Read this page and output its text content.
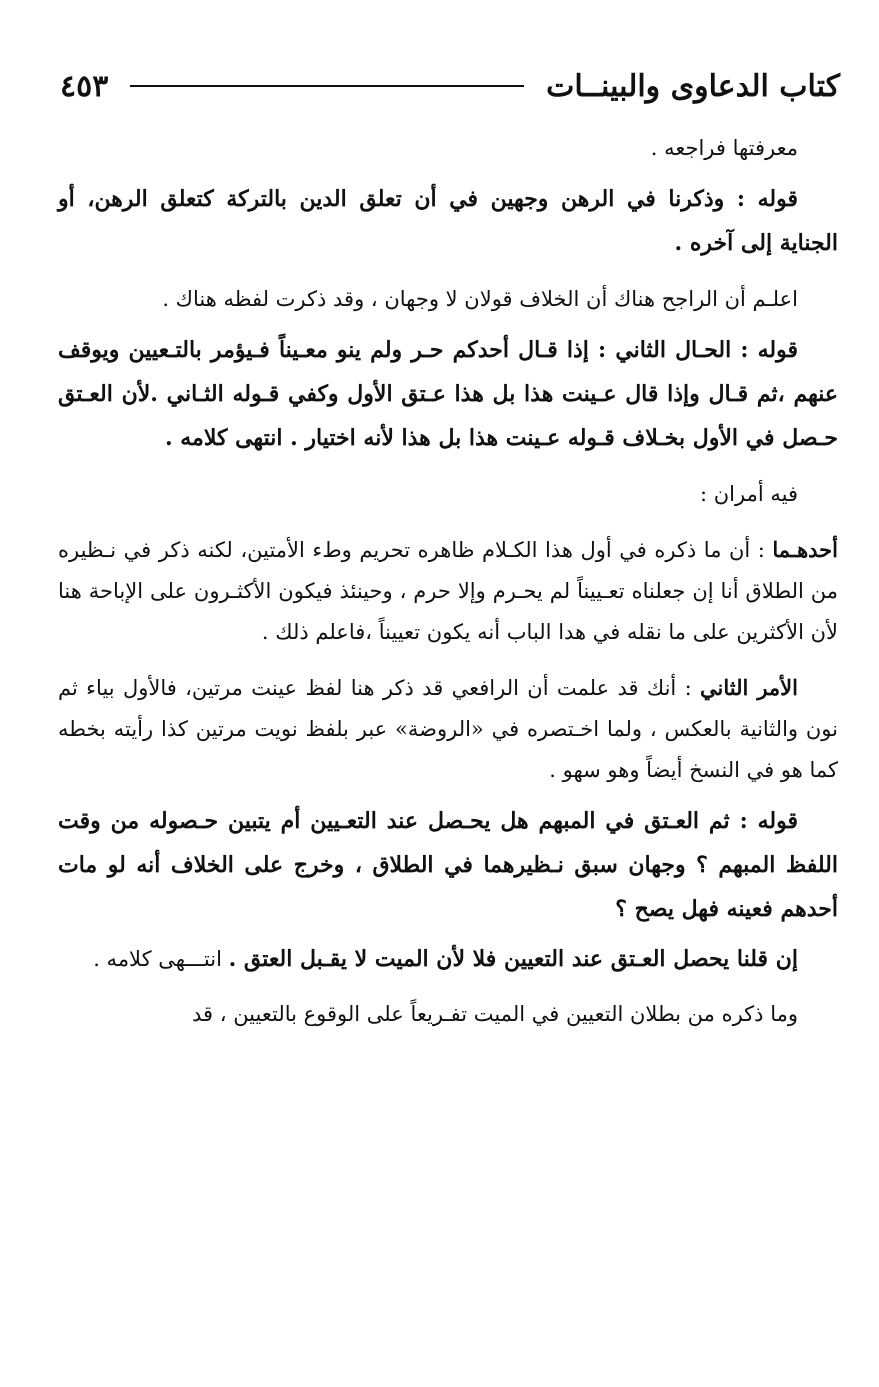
كتاب الدعاوى والبينــات
٤٥٣

معرفتها فراجعه .

قوله : وذكرنا في الرهن وجهين في أن تعلق الدين بالتركة كتعلق الرهن، أو الجناية إلى آخره .

اعلـم أن الراجح هناك أن الخلاف قولان لا وجهان ، وقد ذكرت لفظه هناك .

قوله : الحـال الثاني : إذا قـال أحدكم حـر ولم ينو معـيناً فـيؤمر بالتـعيين ويوقف عنهم ،ثم قـال وإذا قال عـينت هذا بل هذا عـتق الأول وكفي قـوله الثـاني .لأن العـتق حـصل في الأول بخـلاف قـوله عـينت هذا بل هذا لأنه اختيار . انتهى كلامه .

فيه أمران :

أحدهـما : أن ما ذكره في أول هذا الكـلام ظاهره تحريم وطء الأمتين، لكنه ذكر في نـظيره من الطلاق أنا إن جعلناه تعـييناً لم يحـرم وإلا حرم ، وحينئذ فيكون الأكثـرون على الإباحة هنا لأن الأكثرين على ما نقله في هدا الباب أنه يكون تعييناً ،فاعلم ذلك .

الأمر الثاني : أنك قد علمت أن الرافعي قد ذكر هنا لفظ عينت مرتين، فالأول بياء ثم نون والثانية بالعكس ، ولما اخـتصره في «الروضة» عبر بلفظ نويت مرتين كذا رأيته بخطه كما هو في النسخ أيضاً وهو سهو .

قوله : ثم العـتق في المبهم هل يحـصل عند التعـيين أم يتبين حـصوله من وقت اللفظ المبهم ؟ وجهان سبق نـظيرهما في الطلاق ، وخرج على الخلاف أنه لو مات أحدهم فعينه فهل يصح ؟

إن قلنا يحصل العـتق عند التعيين فلا لأن الميت لا يقـبل العتق . انتـــهى كلامه .

وما ذكره من بطلان التعيين في الميت تفـريعاً على الوقوع بالتعيين ، قد
